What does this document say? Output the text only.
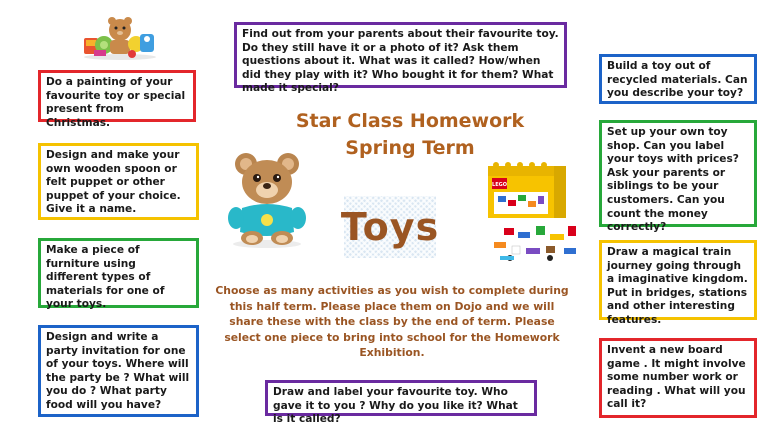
Do a painting of your favourite toy or special present from Christmas.
Design and make your own wooden spoon or felt puppet or other puppet of your choice. Give it a name.
Make a piece of furniture using different types of materials for one of your toys.
Design and write a party invitation for one of your toys. Where will the party be ? What will you do ? What party food will you have?
Find out from your parents about their favourite toy. Do they still have it or a photo of it? Ask them questions about it. What was it called? How/when did they play with it? Who bought it for them? What made it special?
Star Class Homework
Spring Term
Toys
LEGO
Choose as many activities as you wish to complete during this half term. Please place them on Dojo and we will share these with the class by the end of term. Please select one piece to bring into school for the Homework Exhibition.
Draw and label your favourite toy. Who gave it to you ? Why do you like it? What is it called?
Build a toy out of recycled materials. Can you describe your toy?
Set up your own toy shop. Can you label your toys with prices? Ask your parents or siblings to be your customers. Can you count the money correctly?
Draw a magical train journey going through a imaginative kingdom. Put in bridges, stations and other interesting features.
Invent a new board game . It might involve some number work or reading . What will you call it?
